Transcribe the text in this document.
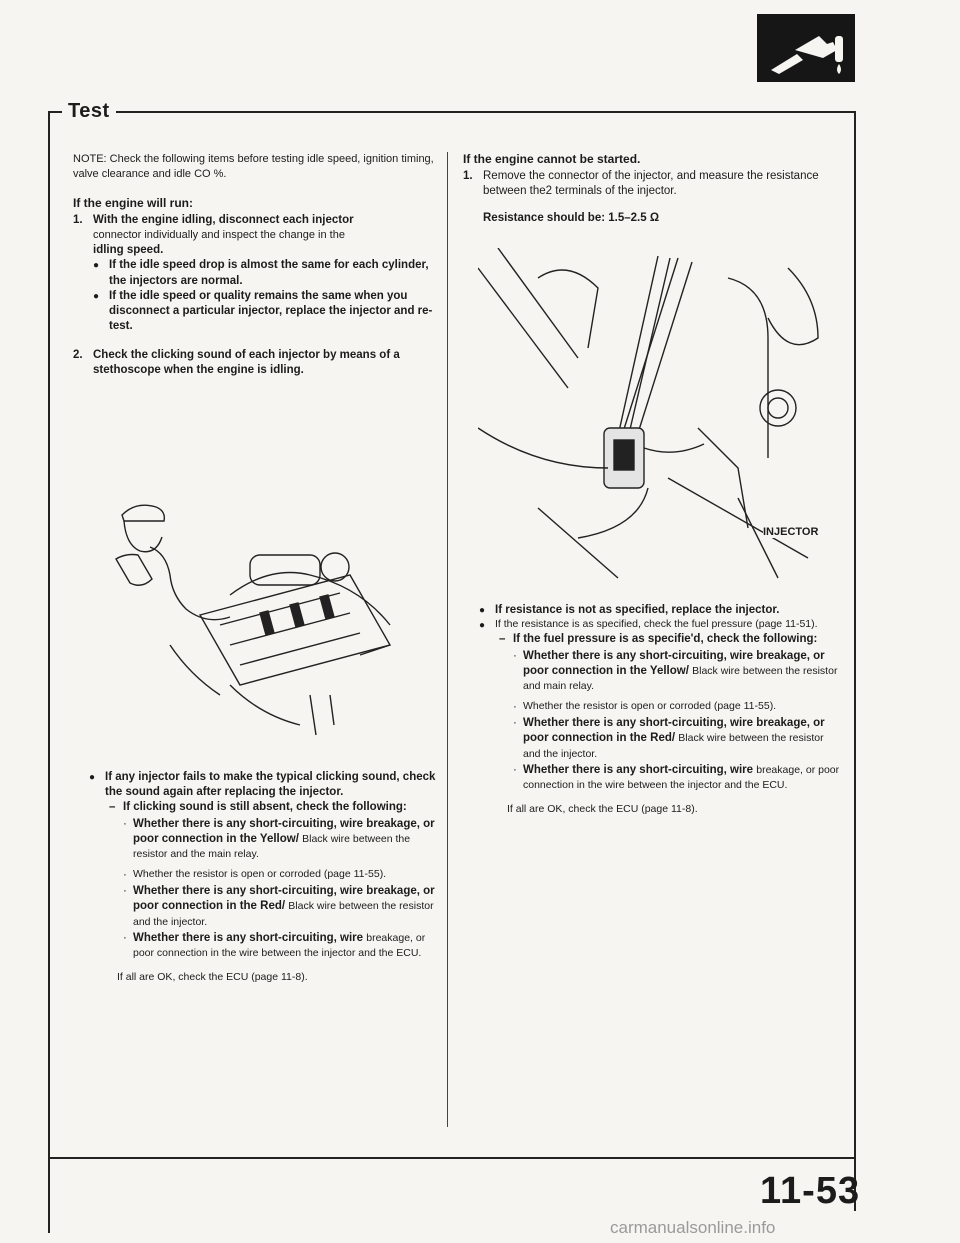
Test

NOTE: Check the following items before testing idle speed, ignition timing, valve clearance and idle CO %.

If the engine will run:

1. With the engine idling, disconnect each injector
connector individually and inspect the change in the
idling speed.
● If the idle speed drop is almost the same for each cylinder, the injectors are normal.
● If the idle speed or quality remains the same when you disconnect a particular injector, replace the injector and re-test.
2. Check the clicking sound of each injector by means of a stethoscope when the engine is idling.
● If any injector fails to make the typical clicking sound, check the sound again after replacing the injector.
– If clicking sound is still absent, check the following:
· Whether there is any short-circuiting, wire breakage, or poor connection in the Yellow/ Black wire between the resistor and the main relay.
· Whether the resistor is open or corroded (page 11-55).
· Whether there is any short-circuiting, wire breakage, or poor connection in the Red/ Black wire between the resistor and the injector.
· Whether there is any short-circuiting, wire breakage, or poor connection in the wire between the injector and the ECU.

If all are OK, check the ECU (page 11-8).

If the engine cannot be started.

1. Remove the connector of the injector, and measure the resistance between the2 terminals of the injector.

Resistance should be: 1.5–2.5 Ω

INJECTOR
● If resistance is not as specified, replace the injector.
● If the resistance is as specified, check the fuel pressure (page 11-51).
– If the fuel pressure is as specifie'd, check the following:
· Whether there is any short-circuiting, wire breakage, or poor connection in the Yellow/ Black wire between the resistor and main relay.
· Whether the resistor is open or corroded (page 11-55).
· Whether there is any short-circuiting, wire breakage, or poor connection in the Red/ Black wire between the resistor and the injector.
· Whether there is any short-circuiting, wire breakage, or poor connection in the wire between the injector and the ECU.

If all are OK, check the ECU (page 11-8).

11-53
carmanualsonline.info
